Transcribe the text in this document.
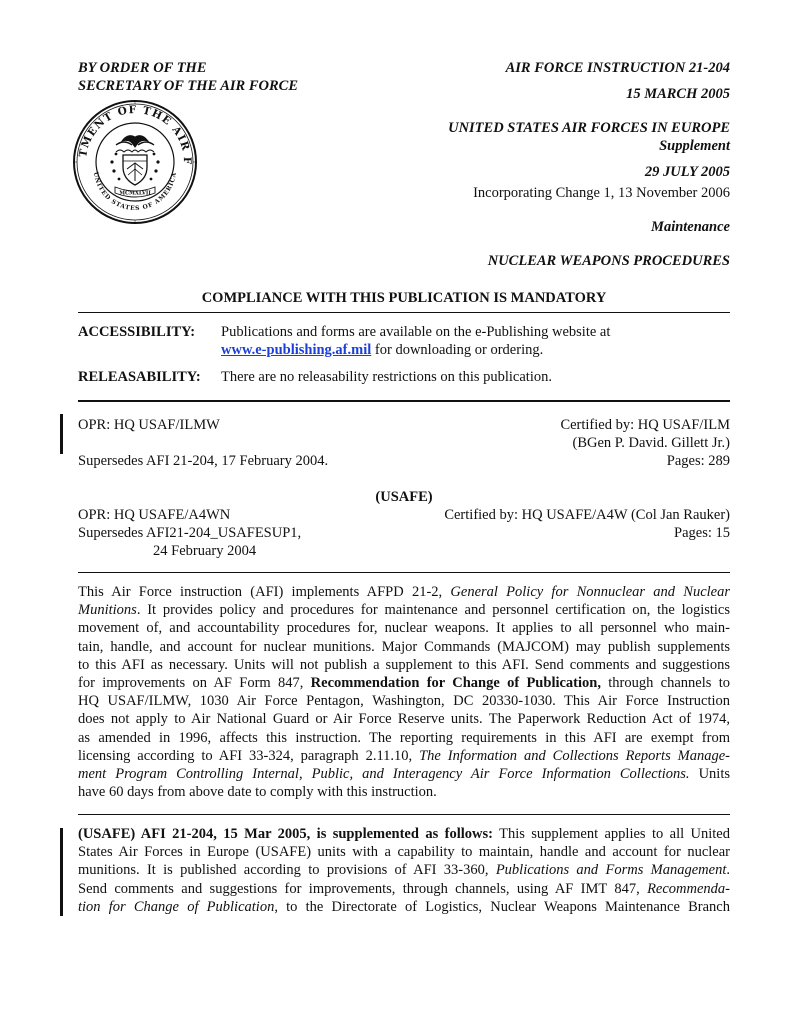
BY ORDER OF THE
SECRETARY OF THE AIR FORCE
AIR FORCE INSTRUCTION 21-204
15 MARCH 2005
UNITED STATES AIR FORCES IN EUROPE
Supplement
29 JULY 2005
Incorporating Change 1, 13 November 2006
Maintenance
NUCLEAR WEAPONS PROCEDURES
TMENT OF THE AIR F
UNITED STATES OF AMERICA
MCMXLVII
COMPLIANCE WITH THIS PUBLICATION IS MANDATORY
ACCESSIBILITY: Publications and forms are available on the e-Publishing website at
www.e-publishing.af.mil for downloading or ordering.
RELEASABILITY: There are no releasability restrictions on this publication.
OPR: HQ USAF/ILMW	Certified by: HQ USAF/ILM
(BGen P. David. Gillett Jr.)
Supersedes AFI 21-204, 17 February 2004.	Pages: 289
(USAFE)
OPR: HQ USAFE/A4WN	Certified by: HQ USAFE/A4W (Col Jan Rauker)
Supersedes AFI21-204_USAFESUP1,	Pages: 15
24 February 2004
This Air Force instruction (AFI) implements AFPD 21-2, General Policy for Nonnuclear and Nuclear
Munitions. It provides policy and procedures for maintenance and personnel certification on, the logistics
movement of, and accountability procedures for, nuclear weapons. It applies to all personnel who main-
tain, handle, and account for nuclear munitions. Major Commands (MAJCOM) may publish supplements
to this AFI as necessary. Units will not publish a supplement to this AFI. Send comments and suggestions
for improvements on AF Form 847, Recommendation for Change of Publication, through channels to
HQ USAF/ILMW, 1030 Air Force Pentagon, Washington, DC 20330-1030. This Air Force Instruction
does not apply to Air National Guard or Air Force Reserve units. The Paperwork Reduction Act of 1974,
as amended in 1996, affects this instruction. The reporting requirements in this AFI are exempt from
licensing according to AFI 33-324, paragraph 2.11.10, The Information and Collections Reports Manage-
ment Program Controlling Internal, Public, and Interagency Air Force Information Collections. Units
have 60 days from above date to comply with this instruction.
(USAFE) AFI 21-204, 15 Mar 2005, is supplemented as follows: This supplement applies to all United
States Air Forces in Europe (USAFE) units with a capability to maintain, handle and account for nuclear
munitions. It is published according to provisions of AFI 33-360, Publications and Forms Management.
Send comments and suggestions for improvements, through channels, using AF IMT 847, Recommenda-
tion for Change of Publication, to the Directorate of Logistics, Nuclear Weapons Maintenance Branch
